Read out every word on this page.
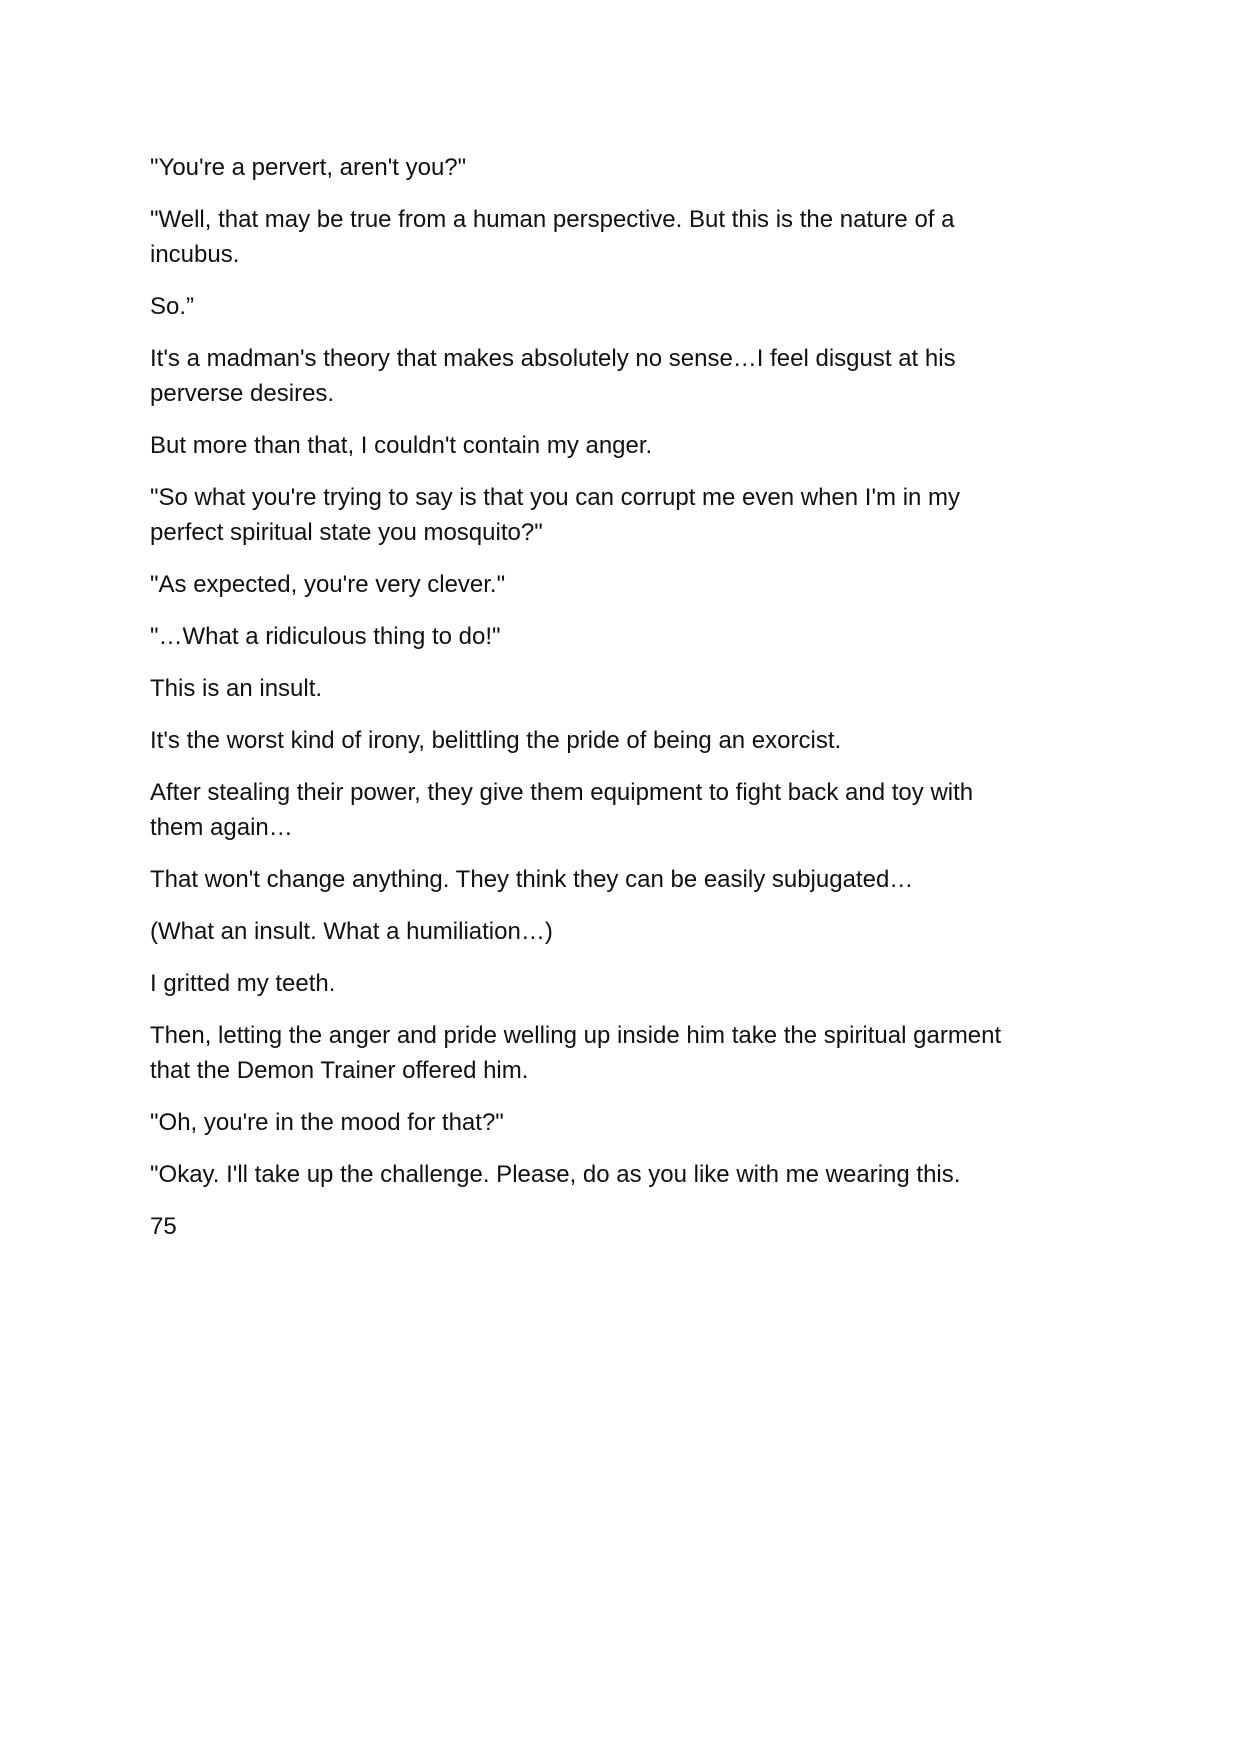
"You're a pervert, aren't you?"

"Well, that may be true from a human perspective. But this is the nature of a
incubus.

So.”

It's a madman's theory that makes absolutely no sense…I feel disgust at his
perverse desires.

But more than that, I couldn't contain my anger.

"So what you're trying to say is that you can corrupt me even when I'm in my
perfect spiritual state you mosquito?"

"As expected, you're very clever."

"…What a ridiculous thing to do!"

This is an insult.

It's the worst kind of irony, belittling the pride of being an exorcist.

After stealing their power, they give them equipment to fight back and toy with
them again…

That won't change anything. They think they can be easily subjugated…

(What an insult. What a humiliation…)

I gritted my teeth.

Then, letting the anger and pride welling up inside him take the spiritual garment
that the Demon Trainer offered him.

"Oh, you're in the mood for that?"

"Okay. I'll take up the challenge. Please, do as you like with me wearing this.

75
